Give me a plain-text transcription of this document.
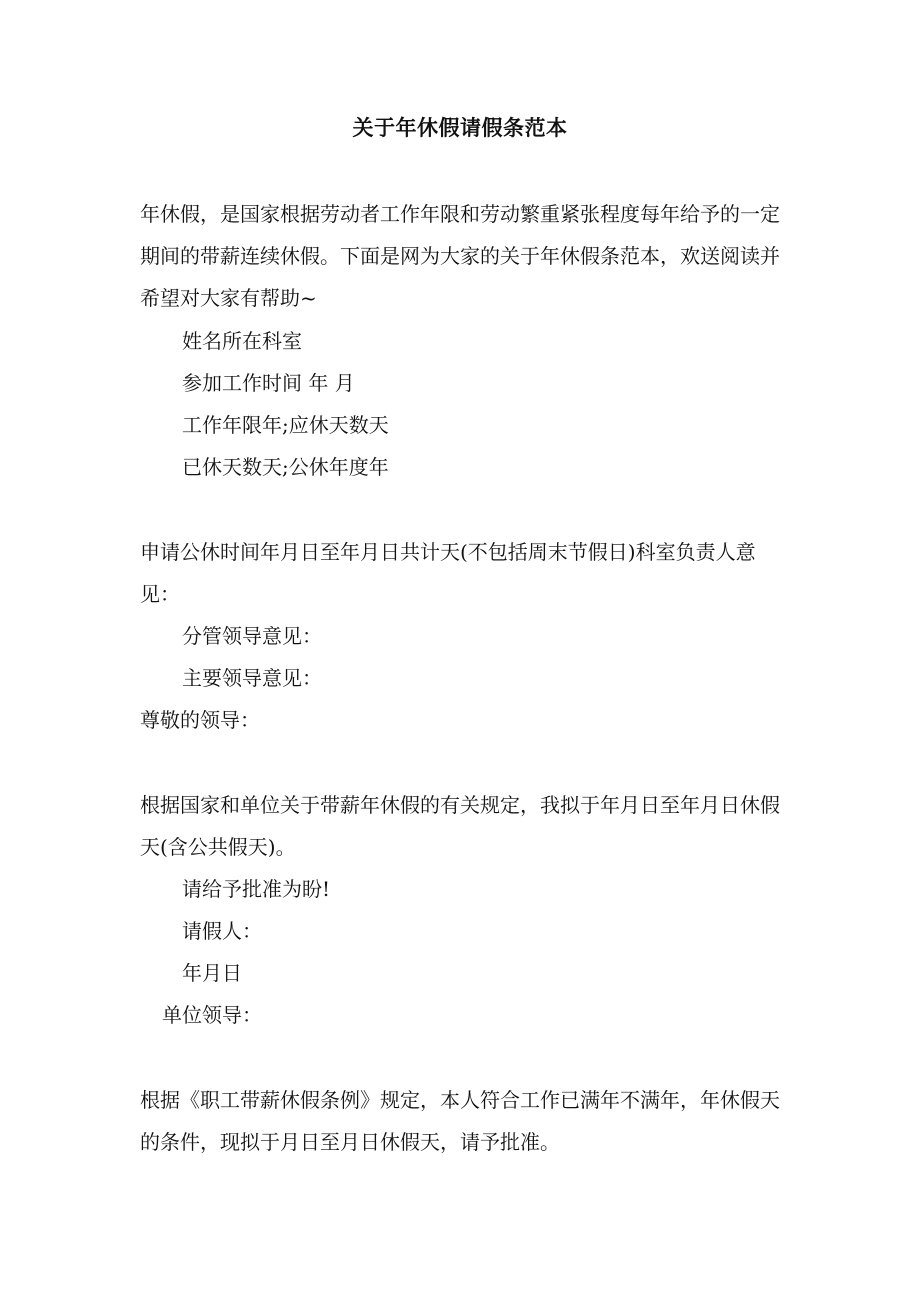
关于年休假请假条范本
年休假，是国家根据劳动者工作年限和劳动繁重紧张程度每年给予的一定期间的带薪连续休假。下面是网为大家的关于年休假条范本，欢送阅读并希望对大家有帮助~
姓名所在科室
参加工作时间 年 月
工作年限年;应休天数天
已休天数天;公休年度年
申请公休时间年月日至年月日共计天(不包括周末节假日)科室负责人意见：
分管领导意见：
主要领导意见：
尊敬的领导：
根据国家和单位关于带薪年休假的有关规定，我拟于年月日至年月日休假天(含公共假天)。
请给予批准为盼!
请假人：
年月日
单位领导：
根据《职工带薪休假条例》规定，本人符合工作已满年不满年，年休假天的条件，现拟于月日至月日休假天，请予批准。
